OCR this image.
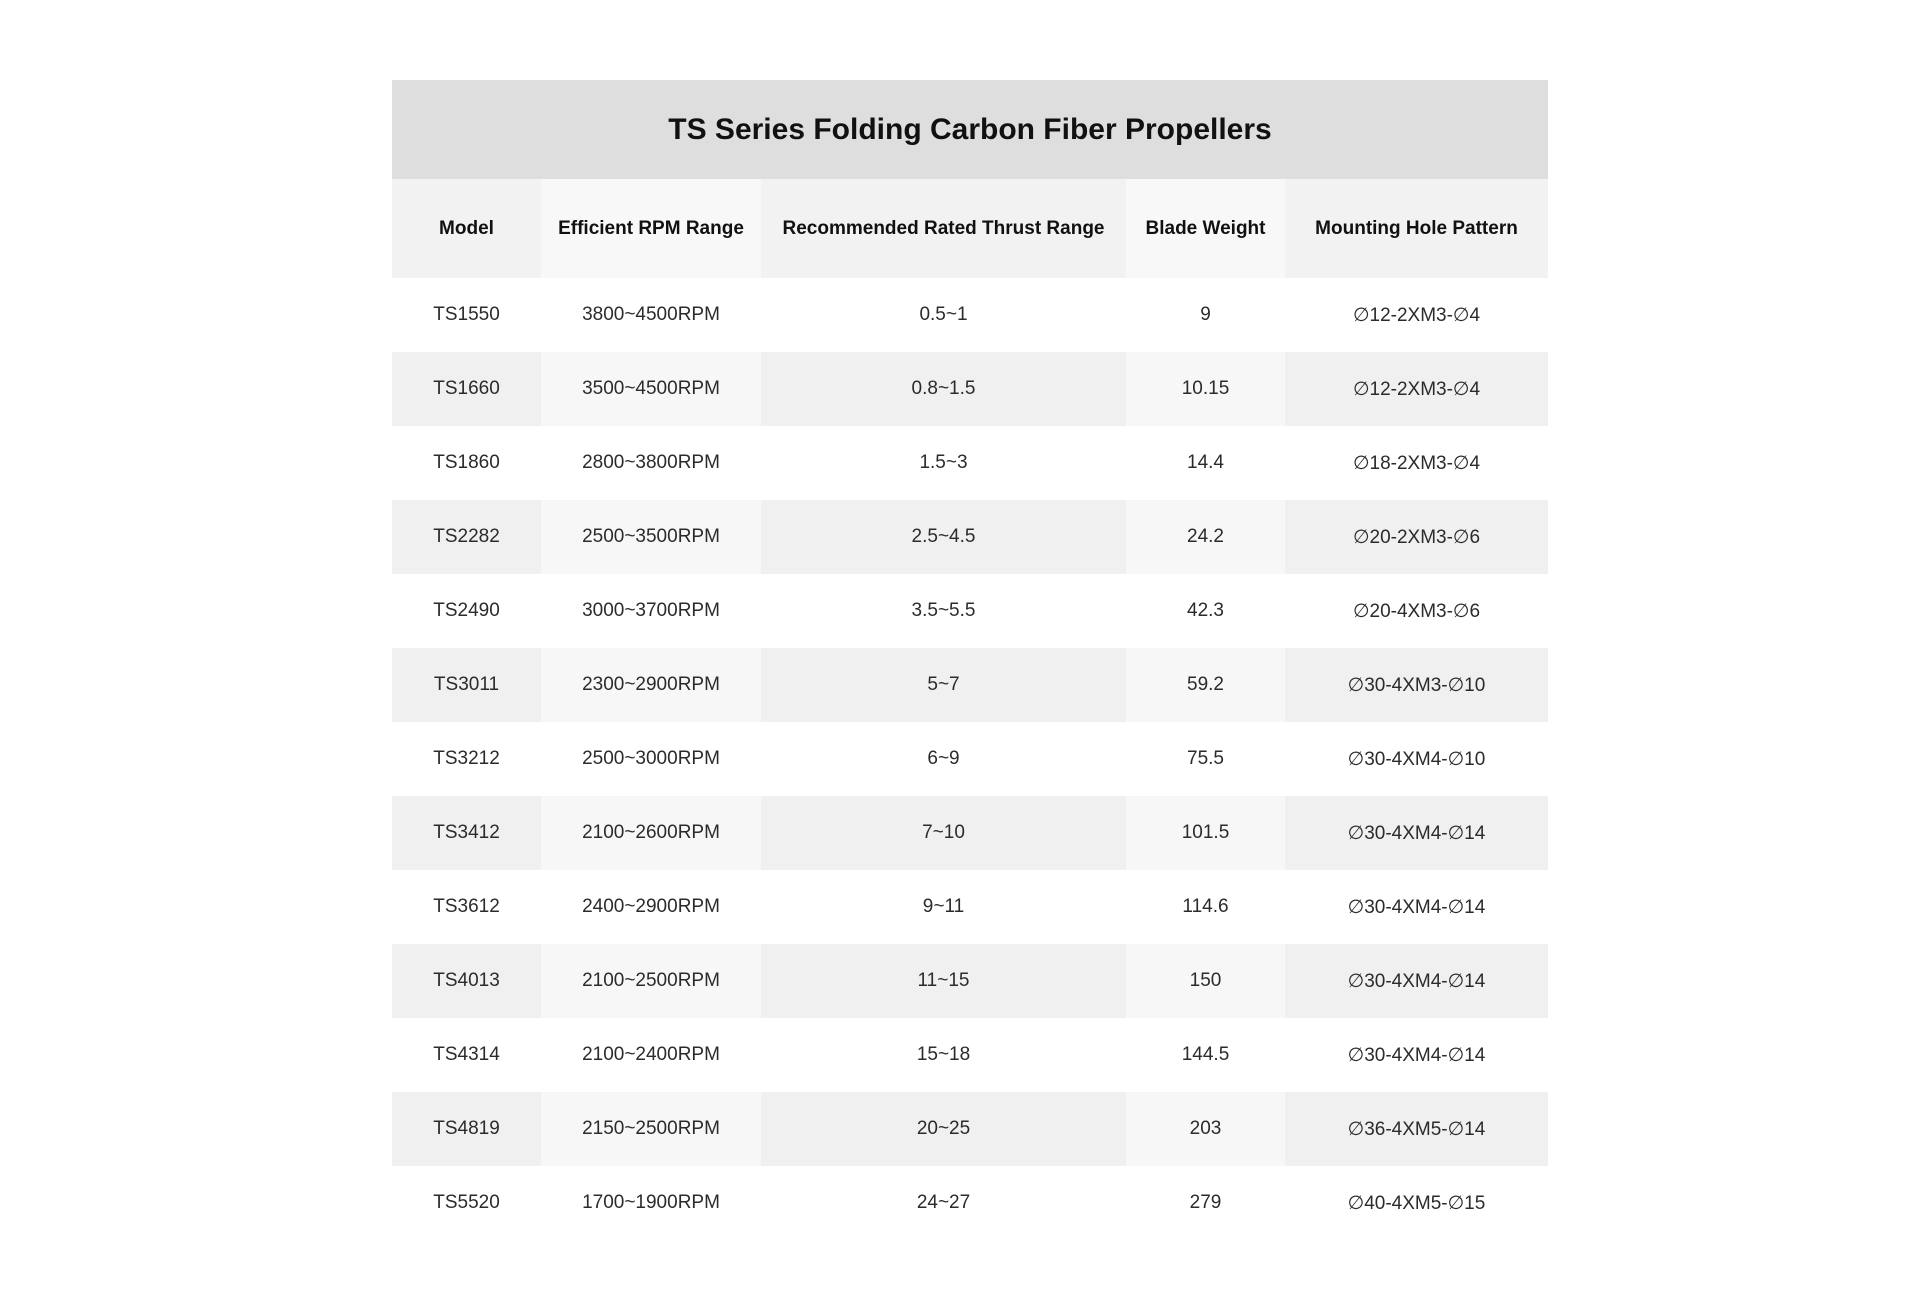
TS Series Folding Carbon Fiber Propellers
Model	Efficient RPM Range	Recommended Rated Thrust Range	Blade Weight	Mounting Hole Pattern
TS1550	3800~4500RPM	0.5~1	9	∅12-2XM3-∅4
TS1660	3500~4500RPM	0.8~1.5	10.15	∅12-2XM3-∅4
TS1860	2800~3800RPM	1.5~3	14.4	∅18-2XM3-∅4
TS2282	2500~3500RPM	2.5~4.5	24.2	∅20-2XM3-∅6
TS2490	3000~3700RPM	3.5~5.5	42.3	∅20-4XM3-∅6
TS3011	2300~2900RPM	5~7	59.2	∅30-4XM3-∅10
TS3212	2500~3000RPM	6~9	75.5	∅30-4XM4-∅10
TS3412	2100~2600RPM	7~10	101.5	∅30-4XM4-∅14
TS3612	2400~2900RPM	9~11	114.6	∅30-4XM4-∅14
TS4013	2100~2500RPM	11~15	150	∅30-4XM4-∅14
TS4314	2100~2400RPM	15~18	144.5	∅30-4XM4-∅14
TS4819	2150~2500RPM	20~25	203	∅36-4XM5-∅14
TS5520	1700~1900RPM	24~27	279	∅40-4XM5-∅15
